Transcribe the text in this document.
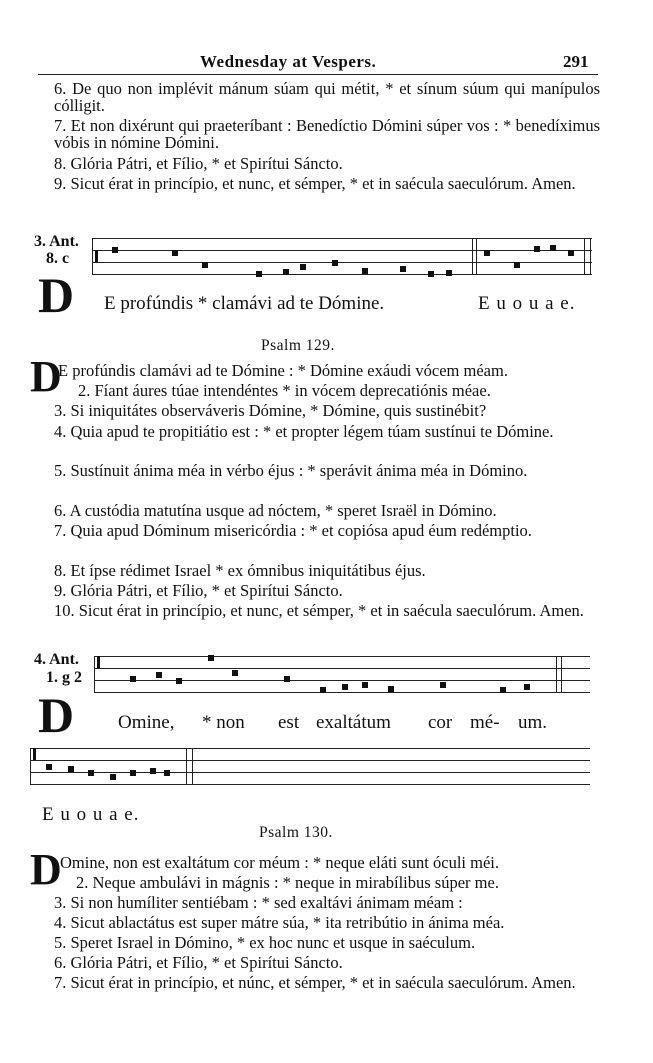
Wednesday at Vespers.	291
6. De quo non implévit mánum súam qui métit, * et sínum súum qui manípulos cólligit.
7. Et non dixérunt qui praeteríbant : Benedíctio Dómini súper vos : * benedíximus vóbis in nómine Dómini.
8. Glória Pátri, et Fílio, * et Spirítui Sáncto.
9. Sicut érat in princípio, et nunc, et sémper, * et in saécula saeculórum. Amen.
3. Ant.
8. c
D E profúndis * clamávi ad te Dómine.	E u o u a e.
Psalm 129.
D
E profúndis clamávi ad te Dómine : * Dómine exáudi vócem méam.
2. Fíant áures túae intendéntes * in vócem deprecatiónis méae.
3. Si iniquitátes observáveris Dómine, * Dómine, quis sustinébit?
4. Quia apud te propitiátio est : * et propter légem túam sustínui te Dómine.
5. Sustínuit ánima méa in vérbo éjus : * sperávit ánima méa in Dómino.
6. A custódia matutína usque ad nóctem, * speret Israël in Dómino.
7. Quia apud Dóminum misericórdia : * et copiósa apud éum redémptio.
8. Et ípse rédimet Israel * ex ómnibus iniquitátibus éjus.
9. Glória Pátri, et Fílio, * et Spirítui Sáncto.
10. Sicut érat in princípio, et nunc, et sémper, * et in saécula saeculórum. Amen.
4. Ant.
1. g 2
D Omine, * non est exaltátum cor mé- um.
E u o u a e.
Psalm 130.
D
Omine, non est exaltátum cor méum : * neque eláti sunt óculi méi.
2. Neque ambulávi in mágnis : * neque in mirabílibus súper me.
3. Si non humíliter sentiébam : * sed exaltávi ánimam méam :
4. Sicut ablactátus est super mátre súa, * ita retribútio in ánima méa.
5. Speret Israel in Dómino, * ex hoc nunc et usque in saéculum.
6. Glória Pátri, et Fílio, * et Spirítui Sáncto.
7. Sicut érat in princípio, et núnc, et sémper, * et in saécula saeculórum. Amen.
